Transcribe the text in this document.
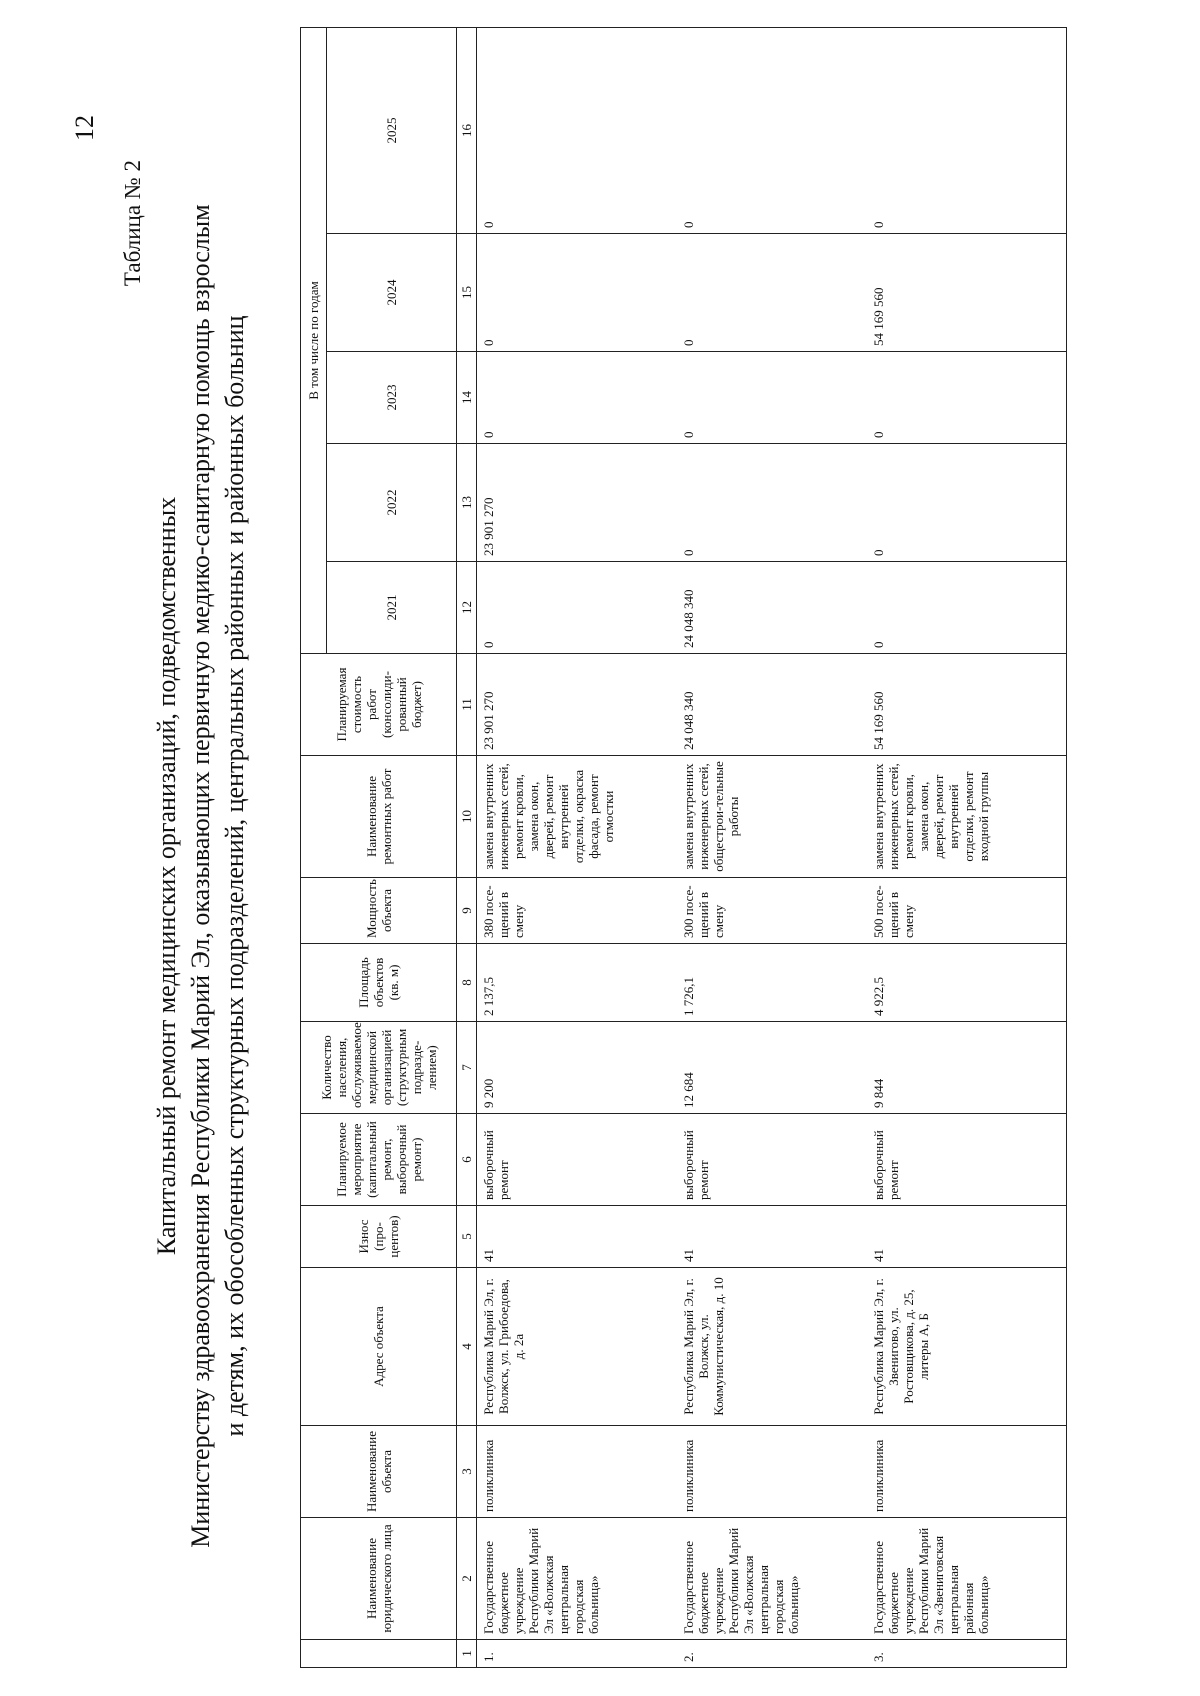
12
Таблица № 2
Капитальный ремонт медицинских организаций, подведомственных Министерству здравоохранения Республики Марий Эл, оказывающих первичную медико-санитарную помощь взрослым и детям, их обособленных структурных подразделений, центральных районных и районных больниц
	Наименование юридического лица	Наименование объекта	Адрес объекта	Износ (про-центов)	Планируемое мероприятие (капитальный ремонт, выборочный ремонт)	Количество населения, обслуживаемое медицинской организацией (структурным подразде-лением)	Площадь объектов (кв. м)	Мощность объекта	Наименование ремонтных работ	Планируемая стоимость работ (консолиди-рованный бюджет)	В том числе по годам				
											2021	2022	2023	2024	2025
1	2	3	4	5	6	7	8	9	10	11	12	13	14	15	16
1.	Государственное бюджетное учреждение Республики Марий Эл «Волжская центральная городская больница»	поликлиника	Республика Марий Эл, г. Волжск, ул. Грибоедова, д. 2а	41	выборочный ремонт	9 200	2 137,5	380 посе-щений в смену	замена внутренних инженерных сетей, ремонт кровли, замена окон, дверей, ремонт внутренней отделки, окраска фасада, ремонт отмостки	23 901 270	0	23 901 270	0	0	0
2.	Государственное бюджетное учреждение Республики Марий Эл «Волжская центральная городская больница»	поликлиника	Республика Марий Эл, г. Волжск, ул. Коммунистическая, д. 10	41	выборочный ремонт	12 684	1 726,1	300 посе-щений в смену	замена внутренних инженерных сетей, общестрои-тельные работы	24 048 340	24 048 340	0	0	0	0
3.	Государственное бюджетное учреждение Республики Марий Эл «Звениговская центральная районная больница»	поликлиника	Республика Марий Эл, г. Звенигово, ул. Ростовщикова, д. 25, литеры А, Б	41	выборочный ремонт	9 844	4 922,5	500 посе-щений в смену	замена внутренних инженерных сетей, ремонт кровли, замена окон, дверей, ремонт внутренней отделки, ремонт входной группы	54 169 560	0	0	0	54 169 560	0
